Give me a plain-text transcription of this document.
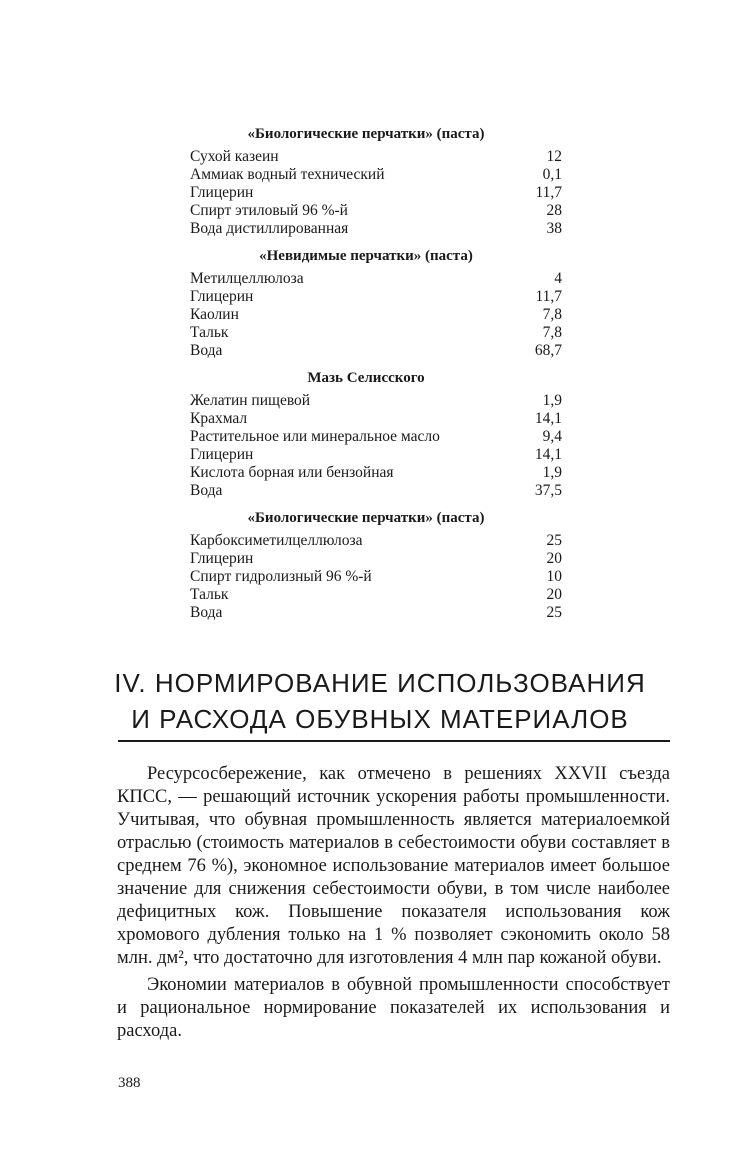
«Биологические перчатки» (паста)
Сухой казеин	12
Аммиак водный технический	0,1
Глицерин	11,7
Спирт этиловый 96 %-й	28
Вода дистиллированная	38
«Невидимые перчатки» (паста)
Метилцеллюлоза	4
Глицерин	11,7
Каолин	7,8
Тальк	7,8
Вода	68,7
Мазь Селисского
Желатин пищевой	1,9
Крахмал	14,1
Растительное или минеральное масло	9,4
Глицерин	14,1
Кислота борная или бензойная	1,9
Вода	37,5
«Биологические перчатки» (паста)
Карбоксиметилцеллюлоза	25
Глицерин	20
Спирт гидролизный 96 %-й	10
Тальк	20
Вода	25
IV. НОРМИРОВАНИЕ ИСПОЛЬЗОВАНИЯ
И РАСХОДА ОБУВНЫХ МАТЕРИАЛОВ

Ресурсосбережение, как отмечено в решениях XXVII съезда КПСС, — решающий источник ускорения работы промышленности. Учитывая, что обувная промышленность является материалоемкой отраслью (стоимость материалов в себестоимости обуви составляет в среднем 76 %), экономное использование материалов имеет большое значение для снижения себестоимости обуви, в том числе наиболее дефицитных кож. Повышение показателя использования кож хромового дубления только на 1 % позволяет сэкономить около 58 млн. дм², что достаточно для изготовления 4 млн пар кожаной обуви.

Экономии материалов в обувной промышленности способствует и рациональное нормирование показателей их использования и расхода.

388
